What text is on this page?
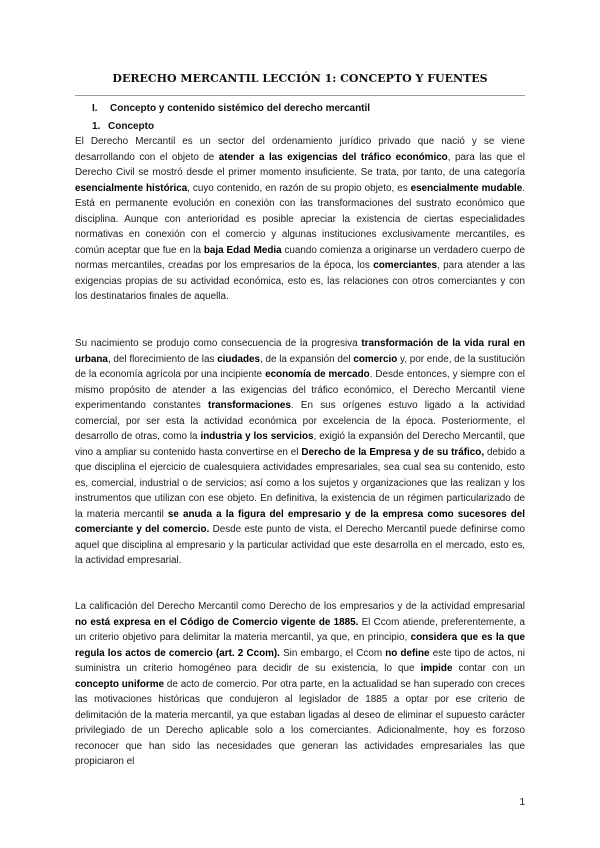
DERECHO MERCANTIL LECCIÓN 1: CONCEPTO Y FUENTES
I. Concepto y contenido sistémico del derecho mercantil
1. Concepto

El Derecho Mercantil es un sector del ordenamiento jurídico privado que nació y se viene desarrollando con el objeto de atender a las exigencias del tráfico económico, para las que el Derecho Civil se mostró desde el primer momento insuficiente. Se trata, por tanto, de una categoría esencialmente histórica, cuyo contenido, en razón de su propio objeto, es esencialmente mudable. Está en permanente evolución en conexión con las transformaciones del sustrato económico que disciplina. Aunque con anterioridad es posible apreciar la existencia de ciertas especialidades normativas en conexión con el comercio y algunas instituciones exclusivamente mercantiles, es común aceptar que fue en la baja Edad Media cuando comienza a originarse un verdadero cuerpo de normas mercantiles, creadas por los empresarios de la época, los comerciantes, para atender a las exigencias propias de su actividad económica, esto es, las relaciones con otros comerciantes y con los destinatarios finales de aquella.

Su nacimiento se produjo como consecuencia de la progresiva transformación de la vida rural en urbana, del florecimiento de las ciudades, de la expansión del comercio y, por ende, de la sustitución de la economía agrícola por una incipiente economía de mercado. Desde entonces, y siempre con el mismo propósito de atender a las exigencias del tráfico económico, el Derecho Mercantil viene experimentando constantes transformaciones. En sus orígenes estuvo ligado a la actividad comercial, por ser esta la actividad económica por excelencia de la época. Posteriormente, el desarrollo de otras, como la industria y los servicios, exigió la expansión del Derecho Mercantil, que vino a ampliar su contenido hasta convertirse en el Derecho de la Empresa y de su tráfico, debido a que disciplina el ejercicio de cualesquiera actividades empresariales, sea cual sea su contenido, esto es, comercial, industrial o de servicios; así como a los sujetos y organizaciones que las realizan y los instrumentos que utilizan con ese objeto. En definitiva, la existencia de un régimen particularizado de la materia mercantil se anuda a la figura del empresario y de la empresa como sucesores del comerciante y del comercio. Desde este punto de vista, el Derecho Mercantil puede definirse como aquel que disciplina al empresario y la particular actividad que este desarrolla en el mercado, esto es, la actividad empresarial.

La calificación del Derecho Mercantil como Derecho de los empresarios y de la actividad empresarial no está expresa en el Código de Comercio vigente de 1885. El Ccom atiende, preferentemente, a un criterio objetivo para delimitar la materia mercantil, ya que, en principio, considera que es la que regula los actos de comercio (art. 2 Ccom). Sin embargo, el Ccom no define este tipo de actos, ni suministra un criterio homogéneo para decidir de su existencia, lo que impide contar con un concepto uniforme de acto de comercio. Por otra parte, en la actualidad se han superado con creces las motivaciones históricas que condujeron al legislador de 1885 a optar por ese criterio de delimitación de la materia mercantil, ya que estaban ligadas al deseo de eliminar el supuesto carácter privilegiado de un Derecho aplicable solo a los comerciantes. Adicionalmente, hoy es forzoso reconocer que han sido las necesidades que generan las actividades empresariales las que propiciaron el

1
